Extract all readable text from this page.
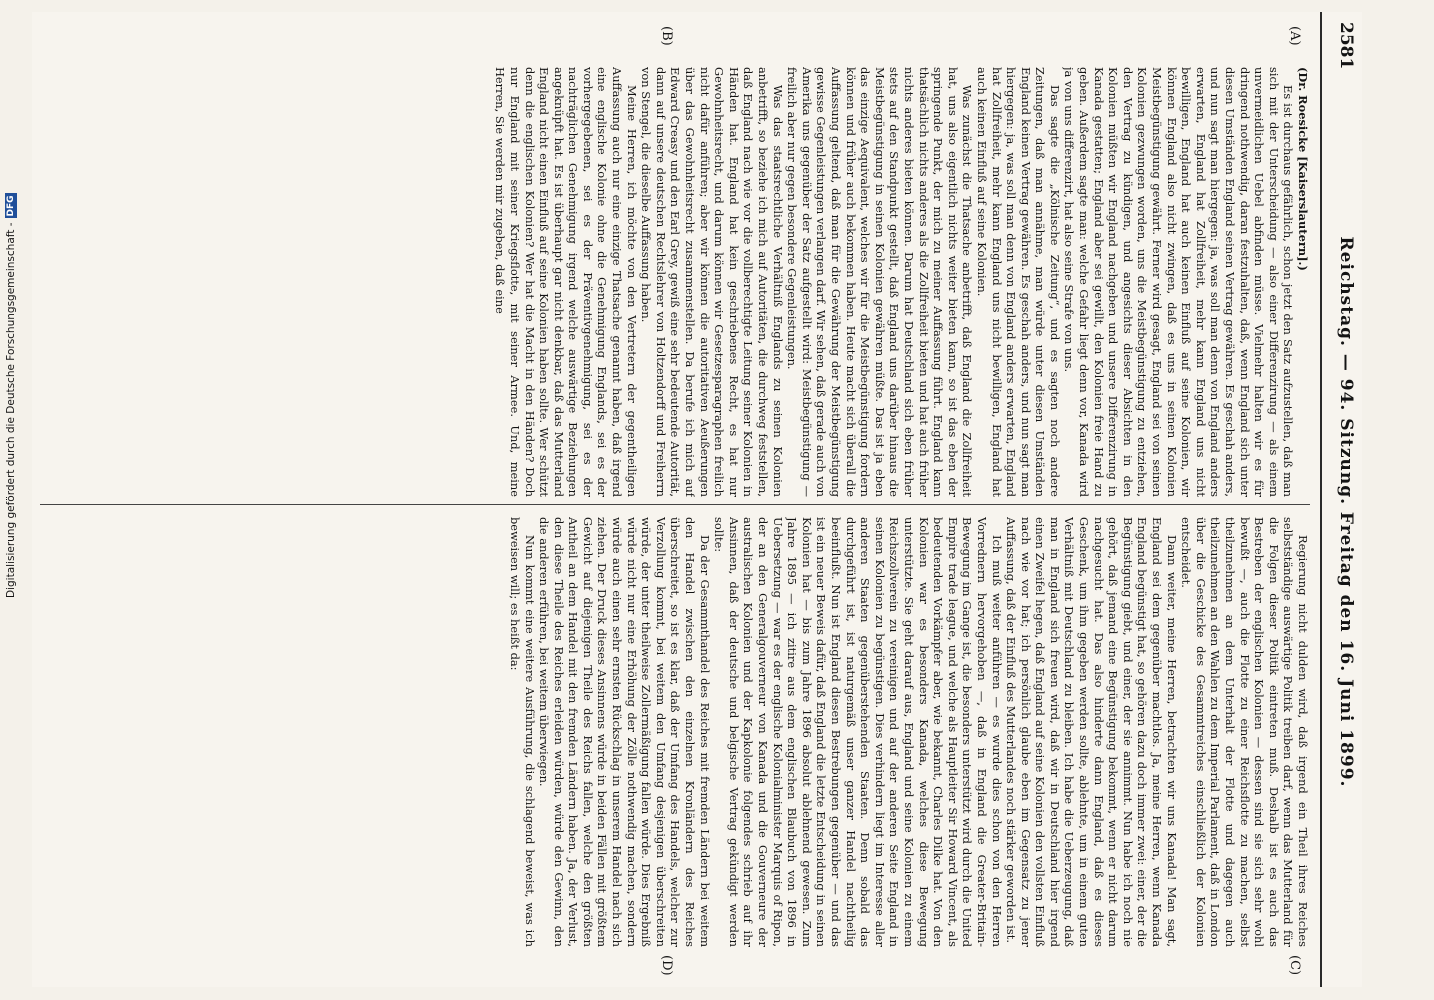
2581
Reichstag. — 94. Sitzung. Freitag den 16. Juni 1899.

(Dr. Roesicke [Kaiserslautern].)

Es ist durchaus gefährlich, schon jetzt den Satz aufzustellen, daß man sich mit der Unterscheidung — also einer Differenzirung — als einem unvermeidlichen Uebel abfinden müsse. Vielmehr halten wir es für dringend nothwendig, daran festzuhalten, daß, wenn England sich unter diesen Umständen England seinen Vertrag gewähren. Es geschah anders, und nun sagt man hiergegen: ja, was soll man denn von England anders erwarten, England hat Zollfreiheit, mehr kann England uns nicht bewilligen, England hat auch keinen Einfluß auf seine Kolonien, wir können England also nicht zwingen, daß es uns in seinen Kolonien Meistbegünstigung gewährt. Ferner wird gesagt, England sei von seinen Kolonien gezwungen worden, uns die Meistbegünstigung zu entziehen, den Vertrag zu kündigen, und angesichts dieser Absichten in den Kolonien müßten wir England nachgeben und unsere Differenzirung in Kanada gestatten; England aber sei gewillt, den Kolonien freie Hand zu geben. Außerdem sagte man: welche Gefahr liegt denn vor, Kanada wird ja von uns differenzirt, hat also seine Strafe von uns.

Das sagte die „Kölnische Zeitung“, und es sagten noch andere Zeitungen, daß man annähme, man würde unter diesen Umständen England keinen Vertrag gewähren. Es geschah anders, und nun sagt man hiergegen: ja, was soll man denn von England anders erwarten, England hat Zollfreiheit, mehr kann England uns nicht bewilligen, England hat auch keinen Einfluß auf seine Kolonien.

Was zunächst die Thatsache anbetrifft, daß England die Zollfreiheit hat, uns also eigentlich nichts weiter bieten kann, so ist das eben der springende Punkt, der mich zu meiner Auffassung führt. England kann thatsächlich nichts anderes als die Zollfreiheit bieten und hat auch früher nichts anderes bieten können. Darum hat Deutschland sich eben früher stets auf den Standpunkt gestellt, daß England uns darüber hinaus die Meistbegünstigung in seinen Kolonien gewähren müßte. Das ist ja eben das einzige Aequivalent, welches wir für die Meistbegünstigung fordern können und früher auch bekommen haben. Heute macht sich überall die Auffassung geltend, daß man für die Gewährung der Meistbegünstigung gewisse Gegenleistungen verlangen darf. Wir sehen, daß gerade auch von Amerika uns gegenüber der Satz aufgestellt wird: Meistbegünstigung — freilich aber nur gegen besondere Gegenleistungen.

Was das staatsrechtliche Verhältniß Englands zu seinen Kolonien anbetrifft, so beziehe ich mich auf Autoritäten, die durchweg feststellen, daß England nach wie vor die vollberechtigte Leitung seiner Kolonien in Händen hat. England hat kein geschriebenes Recht, es hat nur Gewohnheitsrecht, und darum können wir Gesetzesparagraphen freilich nicht dafür anführen; aber wir können die autoritativen Aeußerungen über das Gewohnheitsrecht zusammenstellen. Da berufe ich mich auf Edward Creasy und den Earl Grey, gewiß eine sehr bedeutende Autorität, dann auf unsere deutschen Rechtslehrer von Holtzendorff und Freiherrn von Stengel, die dieselbe Auffassung haben.

Meine Herren, ich möchte von den Vertretern der gegentheiligen Auffassung auch nur eine einzige Thatsache genannt haben, daß irgend eine englische Kolonie ohne die Genehmigung Englands, sei es der vorhergegebenen, sei es der Präventivgenehmigung, sei es der nachträglichen Genehmigung irgend welche auswärtige Beziehungen angeknüpft hat. Es ist überhaupt gar nicht denkbar, daß das Mutterland England nicht einen Einfluß auf seine Kolonien haben sollte. Wer schützt denn die englischen Kolonien? Wer hat die Macht in den Händen? Doch nur England mit seiner Kriegsflotte, mit seiner Armee. Und, meine Herren, Sie werden mir zugeben, daß eine

Regierung nicht dulden wird, daß irgend ein Theil ihres Reiches selbstständige auswärtige Politik treiben darf, wenn das Mutterland für die Folgen dieser Politik eintreten muß. Deshalb ist es auch das Bestreben der englischen Kolonien — dessen sind sie sich sehr wohl bewußt —, auch die Flotte zu einer Reichsflotte zu machen, selbst theilzunehmen an dem Unterhalt der Flotte und dagegen auch theilzunehmen an den Wahlen zu dem Imperial Parlament, daß in London über die Geschicke des Gesammtreiches einschließlich der Kolonien entscheidet.

Dann weiter, meine Herren, betrachten wir uns Kanada! Man sagt, England sei dem gegenüber machtlos. Ja, meine Herren, wenn Kanada England begünstigt hat, so gehören dazu doch immer zwei: einer, der die Begünstigung giebt, und einer, der sie annimmt. Nun habe ich noch nie gehört, daß jemand eine Begünstigung bekommt, wenn er nicht darum nachgesucht hat. Das also hinderte dann England, daß es dieses Geschenk, um ihm gegeben werden sollte, ablehnte, um in einem guten Verhältniß mit Deutschland zu bleiben. Ich habe die Ueberzeugung, daß man in England sich freuen wird, daß wir in Deutschland hier irgend einen Zweifel hegen, daß England auf seine Kolonien den vollsten Einfluß nach wie vor hat; ich persönlich glaube eben im Gegensatz zu jener Auffassung, daß der Einfluß des Mutterlandes noch stärker geworden ist.

Ich muß weiter anführen — es wurde dies schon von den Herren Vorrednern hervorgehoben —, daß in England die Greater-Britain-Bewegung im Gange ist, die besonders unterstützt wird durch die United Empire trade league, und welche als Hauptleiter Sir Howard Vincent, als bedeutenden Vorkämpfer aber, wie bekannt, Charles Dilke hat. Von den Kolonien war es besonders Kanada, welches diese Bewegung unterstützte. Sie geht darauf aus, England und seine Kolonien zu einem Reichszollverein zu vereinigen und auf der anderen Seite England in seinen Kolonien zu begünstigen. Dies verhindern liegt im Interesse aller anderen Staaten gegenüberstehenden Staaten. Denn sobald das durchgeführt ist, ist naturgemäß unser ganzer Handel nachtheilig beeinflußt. Nun ist England diesen Bestrebungen gegenüber — und das ist ein neuer Beweis dafür, daß England die letzte Entscheidung in seinen Kolonien hat — bis zum Jahre 1896 absolut ablehnend gewesen. Zum Jahre 1895 — ich zitire aus dem englischen Blaubuch von 1896 in Uebersetzung — war es der englische Kolonialminister Marquis of Ripon, der an den Generalgouverneur von Kanada und die Gouverneure der australischen Kolonien und der Kapkolonie folgendes schrieb auf ihr Ansinnen, daß der deutsche und belgische Vertrag gekündigt werden sollte:

Da der Gesammthandel des Reiches mit fremden Ländern bei weitem den Handel zwischen den einzelnen Kronländern des Reiches überschreitet, so ist es klar, daß der Umfang des Handels, welcher zur Verzollung kommt, bei weitem den Umfang desjenigen überschreiten würde, der unter theilweise Zollermäßigung fallen würde. Dies Ergebniß würde nicht nur eine Erhöhung der Zölle nothwendig machen, sondern würde auch einen sehr ernsten Rückschlag in unserem Handel nach sich ziehen. Der Druck dieses Ansinnens würde in beiden Fällen mit größtem Gewicht auf diejenigen Theile des Reichs fallen, welche den größten Antheil an dem Handel mit den fremden Ländern haben. Ja, der Verlust, den diese Theile des Reiches erleiden würden, würde den Gewinn, den die anderen erführen, bei weitem überwiegen.

Nun kommt eine weitere Ausführung, die schlagend beweist, was ich beweisen will; es heißt da:

(A)
(B)
(C)
(D)
Digitalisierung gefördert durch die Deutsche Forschungsgemeinschaft -
DFG
